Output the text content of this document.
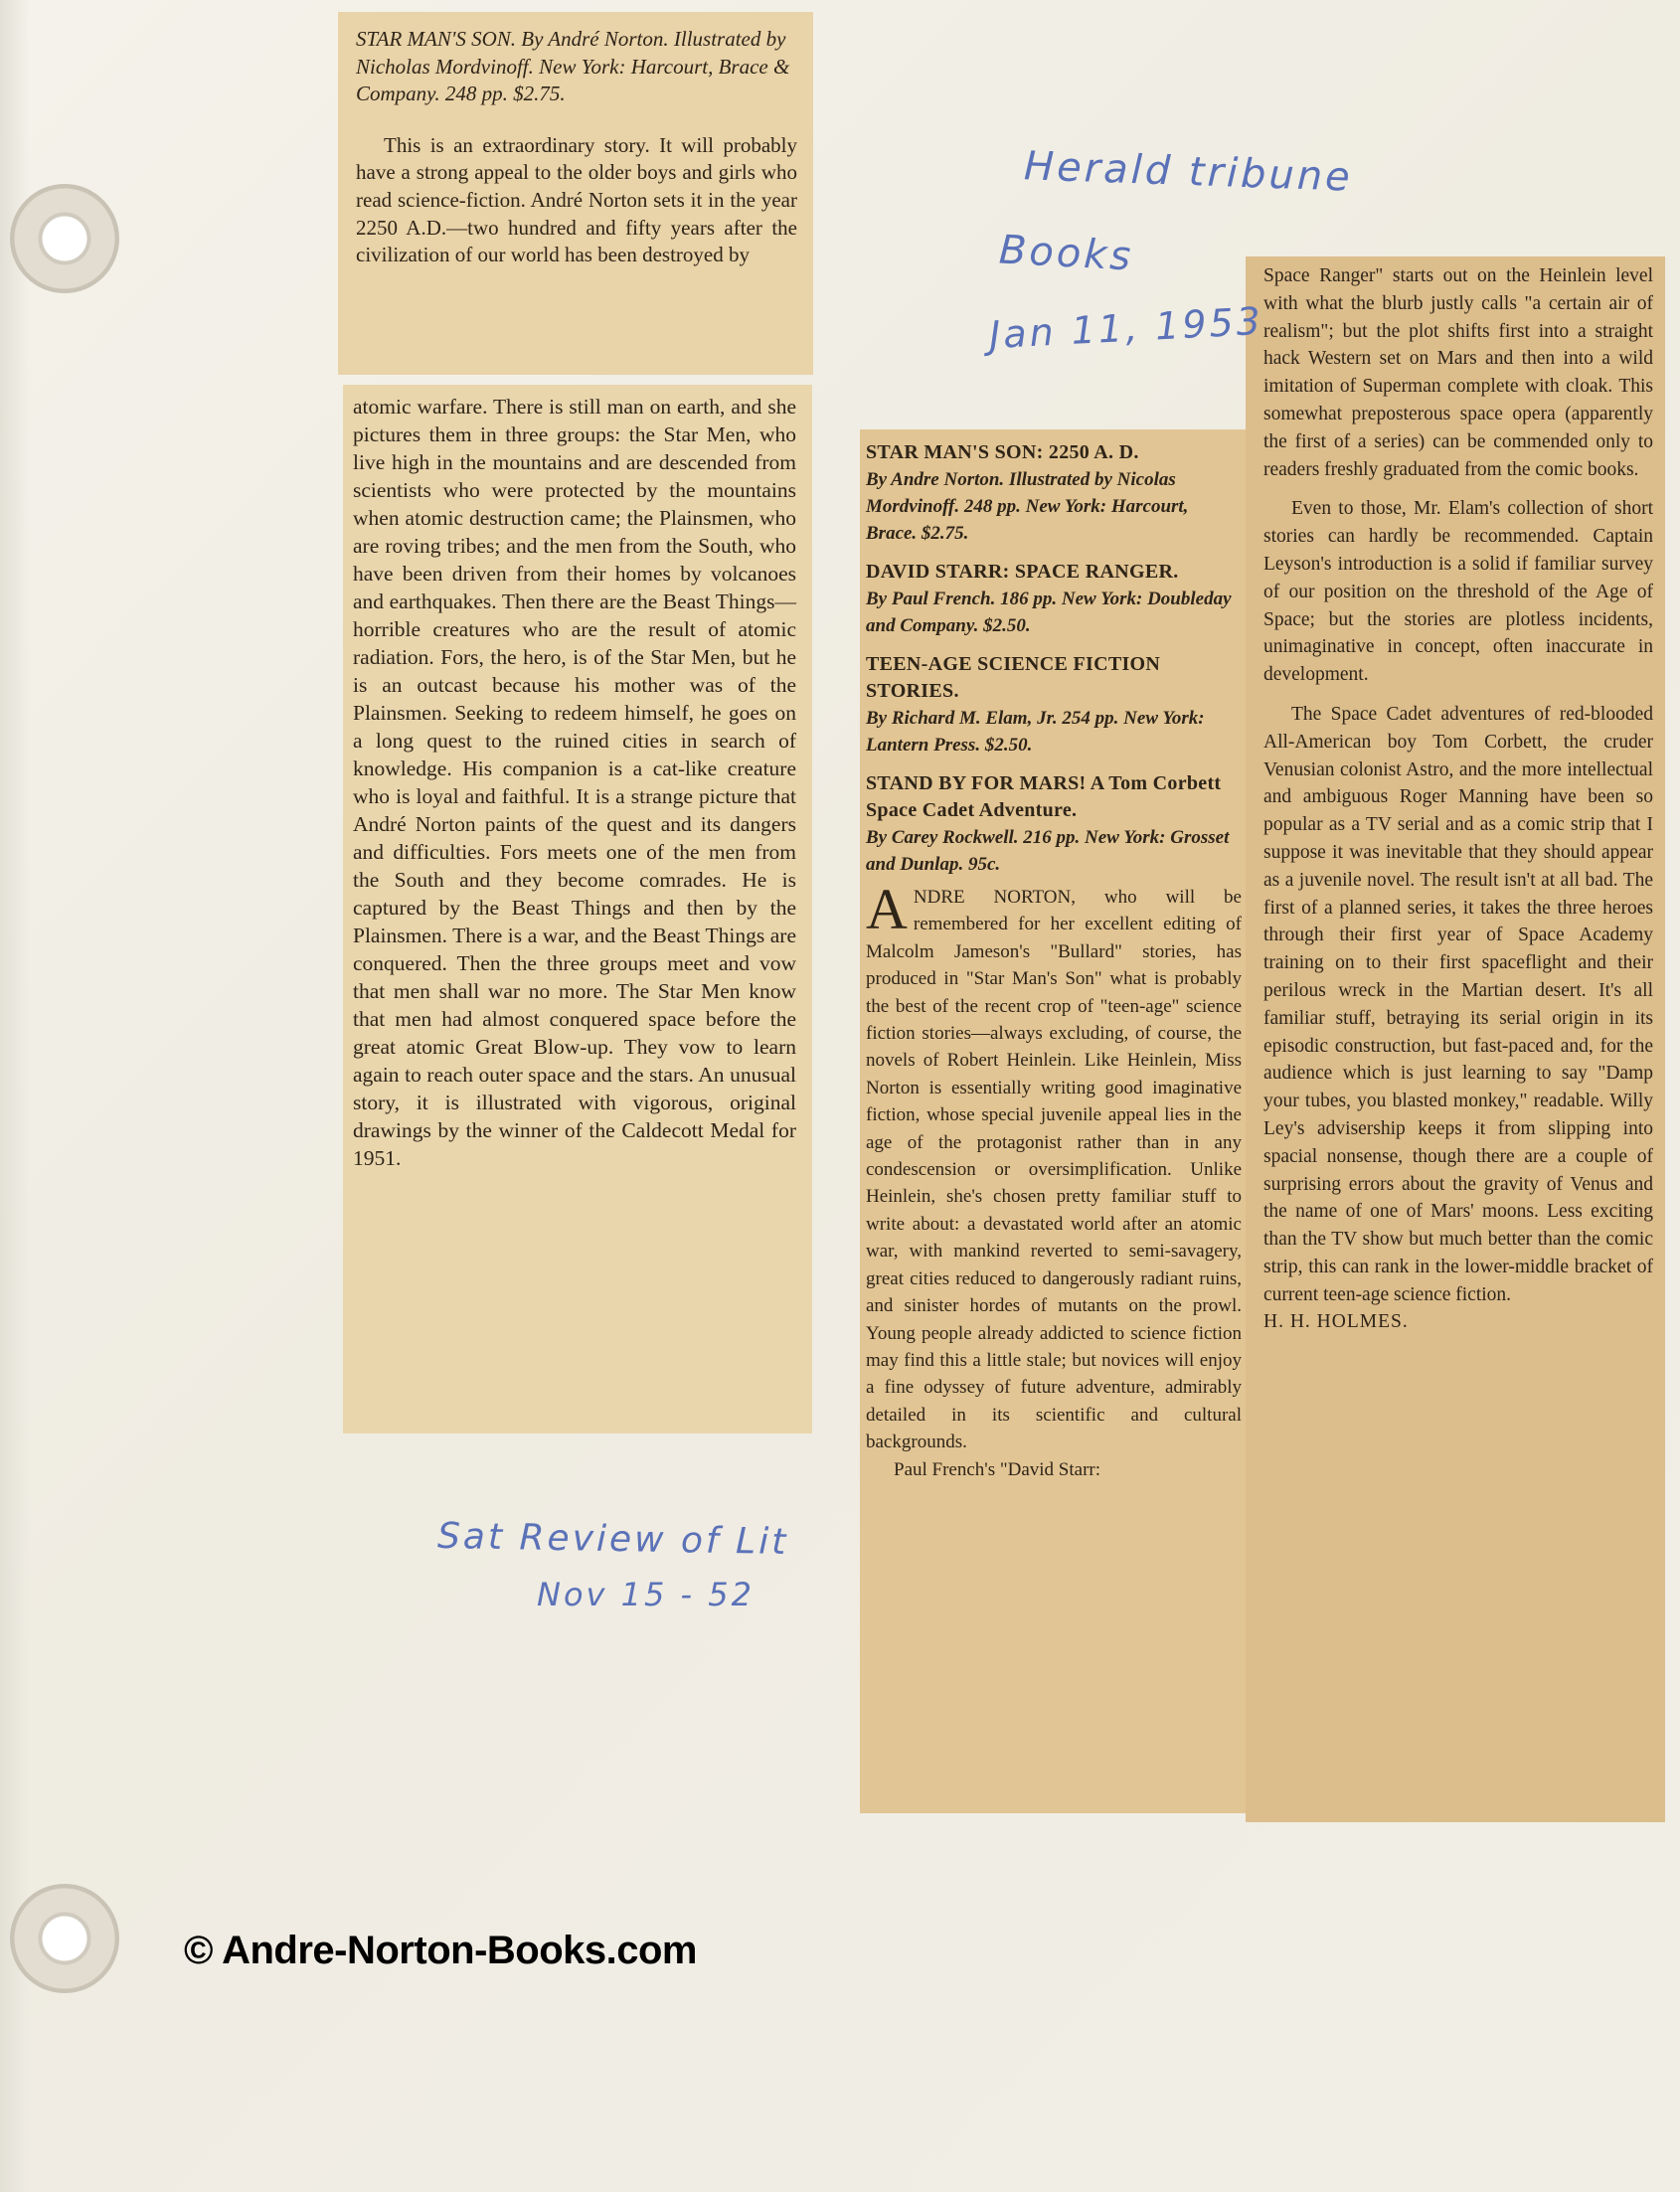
STAR MAN'S SON. By André Norton. Illustrated by Nicholas Mordvinoff. New York: Harcourt, Brace & Company. 248 pp. $2.75.

This is an extraordinary story. It will probably have a strong appeal to the older boys and girls who read science-fiction. André Norton sets it in the year 2250 A.D.—two hundred and fifty years after the civilization of our world has been destroyed by

atomic warfare. There is still man on earth, and she pictures them in three groups: the Star Men, who live high in the mountains and are descended from scientists who were protected by the mountains when atomic destruction came; the Plainsmen, who are roving tribes; and the men from the South, who have been driven from their homes by volcanoes and earthquakes. Then there are the Beast Things—horrible creatures who are the result of atomic radiation. Fors, the hero, is of the Star Men, but he is an outcast because his mother was of the Plainsmen. Seeking to redeem himself, he goes on a long quest to the ruined cities in search of knowledge. His companion is a cat-like creature who is loyal and faithful. It is a strange picture that André Norton paints of the quest and its dangers and difficulties. Fors meets one of the men from the South and they become comrades. He is captured by the Beast Things and then by the Plainsmen. There is a war, and the Beast Things are conquered. Then the three groups meet and vow that men shall war no more. The Star Men know that men had almost conquered space before the great atomic Great Blow-up. They vow to learn again to reach outer space and the stars. An unusual story, it is illustrated with vigorous, original drawings by the winner of the Caldecott Medal for 1951.

STAR MAN'S SON: 2250 A. D.
By Andre Norton. Illustrated by Nicolas Mordvinoff. 248 pp. New York: Harcourt, Brace. $2.75.
DAVID STARR: SPACE RANGER.
By Paul French. 186 pp. New York: Doubleday and Company. $2.50.
TEEN-AGE SCIENCE FICTION STORIES.
By Richard M. Elam, Jr. 254 pp. New York: Lantern Press. $2.50.
STAND BY FOR MARS! A Tom Corbett Space Cadet Adventure.
By Carey Rockwell. 216 pp. New York: Grosset and Dunlap. 95c.

ANDRE NORTON, who will be remembered for her excellent editing of Malcolm Jameson's "Bullard" stories, has produced in "Star Man's Son" what is probably the best of the recent crop of "teen-age" science fiction stories—always excluding, of course, the novels of Robert Heinlein. Like Heinlein, Miss Norton is essentially writing good imaginative fiction, whose special juvenile appeal lies in the age of the protagonist rather than in any condescension or oversimplification. Unlike Heinlein, she's chosen pretty familiar stuff to write about: a devastated world after an atomic war, with mankind reverted to semi-savagery, great cities reduced to dangerously radiant ruins, and sinister hordes of mutants on the prowl. Young people already addicted to science fiction may find this a little stale; but novices will enjoy a fine odyssey of future adventure, admirably detailed in its scientific and cultural backgrounds.

Paul French's "David Starr:

Space Ranger" starts out on the Heinlein level with what the blurb justly calls "a certain air of realism"; but the plot shifts first into a straight hack Western set on Mars and then into a wild imitation of Superman complete with cloak. This somewhat preposterous space opera (apparently the first of a series) can be commended only to readers freshly graduated from the comic books.

Even to those, Mr. Elam's collection of short stories can hardly be recommended. Captain Leyson's introduction is a solid if familiar survey of our position on the threshold of the Age of Space; but the stories are plotless incidents, unimaginative in concept, often inaccurate in development.

The Space Cadet adventures of red-blooded All-American boy Tom Corbett, the cruder Venusian colonist Astro, and the more intellectual and ambiguous Roger Manning have been so popular as a TV serial and as a comic strip that I suppose it was inevitable that they should appear as a juvenile novel. The result isn't at all bad. The first of a planned series, it takes the three heroes through their first year of Space Academy training on to their first spaceflight and their perilous wreck in the Martian desert. It's all familiar stuff, betraying its serial origin in its episodic construction, but fast-paced and, for the audience which is just learning to say "Damp your tubes, you blasted monkey," readable. Willy Ley's advisership keeps it from slipping into spacial nonsense, though there are a couple of surprising errors about the gravity of Venus and the name of one of Mars' moons. Less exciting than the TV show but much better than the comic strip, this can rank in the lower-middle bracket of current teen-age science fiction.

H. H. HOLMES.

Herald tribune
Books
Jan 11, 1953
Sat Review of Lit
Nov 15 - 52
© Andre-Norton-Books.com
